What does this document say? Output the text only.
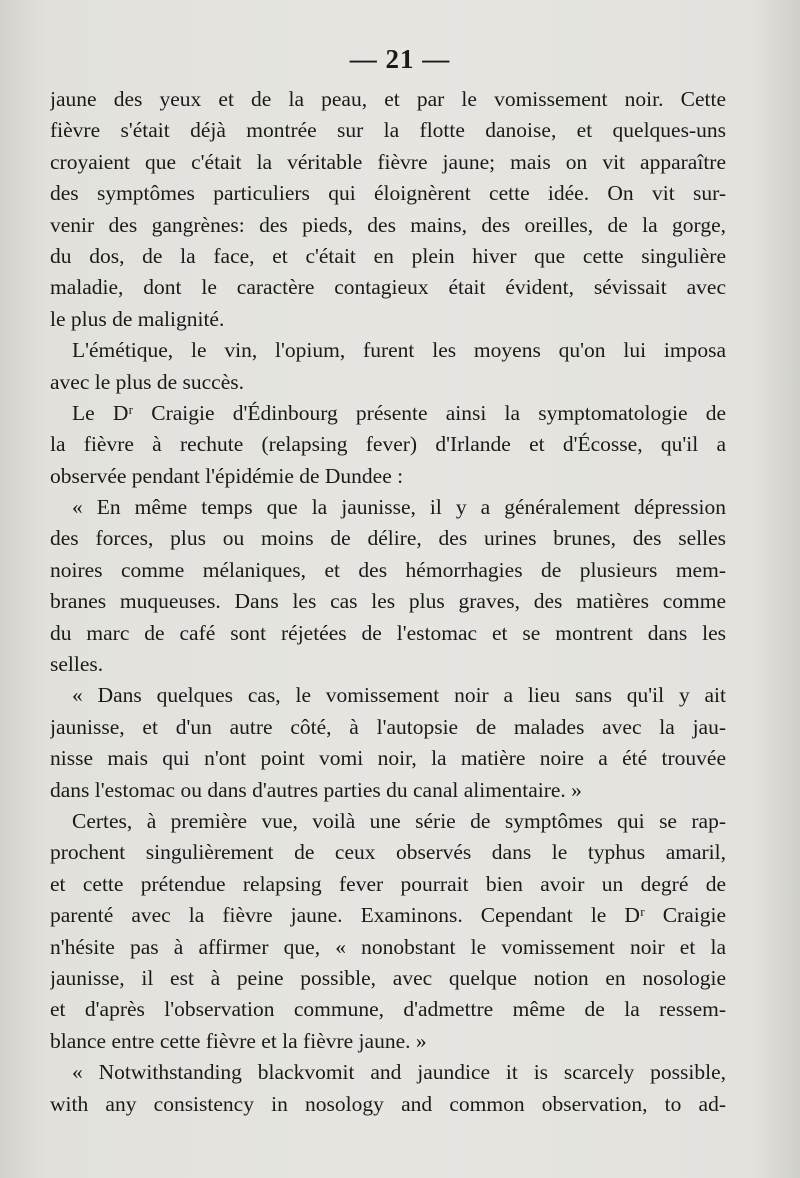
— 21 —
jaune des yeux et de la peau, et par le vomissement noir. Cette
fièvre s'était déjà montrée sur la flotte danoise, et quelques-uns
croyaient que c'était la véritable fièvre jaune; mais on vit apparaître
des symptômes particuliers qui éloignèrent cette idée. On vit sur-
venir des gangrènes: des pieds, des mains, des oreilles, de la gorge,
du dos, de la face, et c'était en plein hiver que cette singulière
maladie, dont le caractère contagieux était évident, sévissait avec
le plus de malignité.
L'émétique, le vin, l'opium, furent les moyens qu'on lui imposa
avec le plus de succès.
Le Dʳ Craigie d'Édinbourg présente ainsi la symptomatologie de
la fièvre à rechute (relapsing fever) d'Irlande et d'Écosse, qu'il a
observée pendant l'épidémie de Dundee :
« En même temps que la jaunisse, il y a généralement dépression
des forces, plus ou moins de délire, des urines brunes, des selles
noires comme mélaniques, et des hémorrhagies de plusieurs mem-
branes muqueuses. Dans les cas les plus graves, des matières comme
du marc de café sont réjetées de l'estomac et se montrent dans les
selles.
« Dans quelques cas, le vomissement noir a lieu sans qu'il y ait
jaunisse, et d'un autre côté, à l'autopsie de malades avec la jau-
nisse mais qui n'ont point vomi noir, la matière noire a été trouvée
dans l'estomac ou dans d'autres parties du canal alimentaire. »
Certes, à première vue, voilà une série de symptômes qui se rap-
prochent singulièrement de ceux observés dans le typhus amaril,
et cette prétendue relapsing fever pourrait bien avoir un degré de
parenté avec la fièvre jaune. Examinons. Cependant le Dʳ Craigie
n'hésite pas à affirmer que, « nonobstant le vomissement noir et la
jaunisse, il est à peine possible, avec quelque notion en nosologie
et d'après l'observation commune, d'admettre même de la ressem-
blance entre cette fièvre et la fièvre jaune. »
« Notwithstanding blackvomit and jaundice it is scarcely possible,
with any consistency in nosology and common observation, to ad-
